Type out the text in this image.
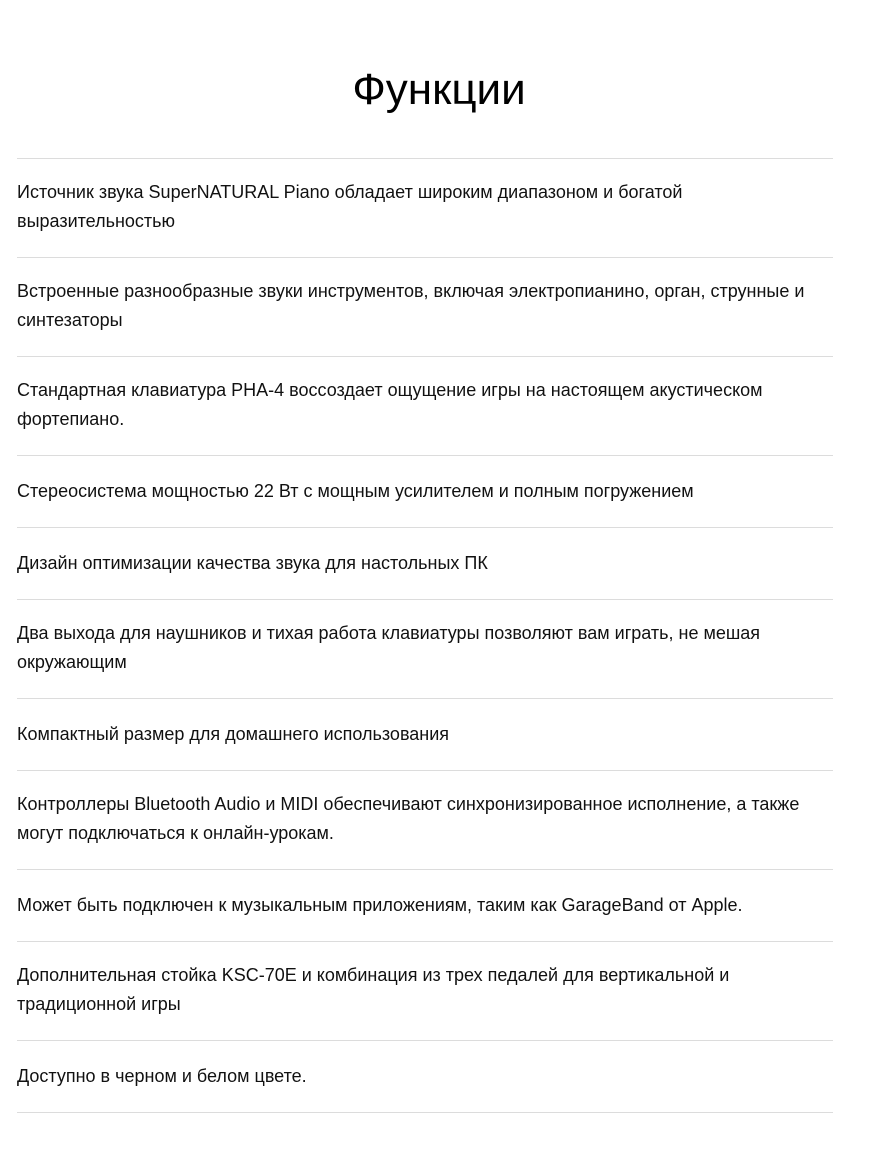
Функции
Источник звука SuperNATURAL Piano обладает широким диапазоном и богатой выразительностью
Встроенные разнообразные звуки инструментов, включая электропианино, орган, струнные и синтезаторы
Стандартная клавиатура PHA-4 воссоздает ощущение игры на настоящем акустическом фортепиано.
Стереосистема мощностью 22 Вт с мощным усилителем и полным погружением
Дизайн оптимизации качества звука для настольных ПК
Два выхода для наушников и тихая работа клавиатуры позволяют вам играть, не мешая окружающим
Компактный размер для домашнего использования
Контроллеры Bluetooth Audio и MIDI обеспечивают синхронизированное исполнение, а также могут подключаться к онлайн-урокам.
Может быть подключен к музыкальным приложениям, таким как GarageBand от Apple.
Дополнительная стойка KSC-70E и комбинация из трех педалей для вертикальной и традиционной игры
Доступно в черном и белом цвете.
